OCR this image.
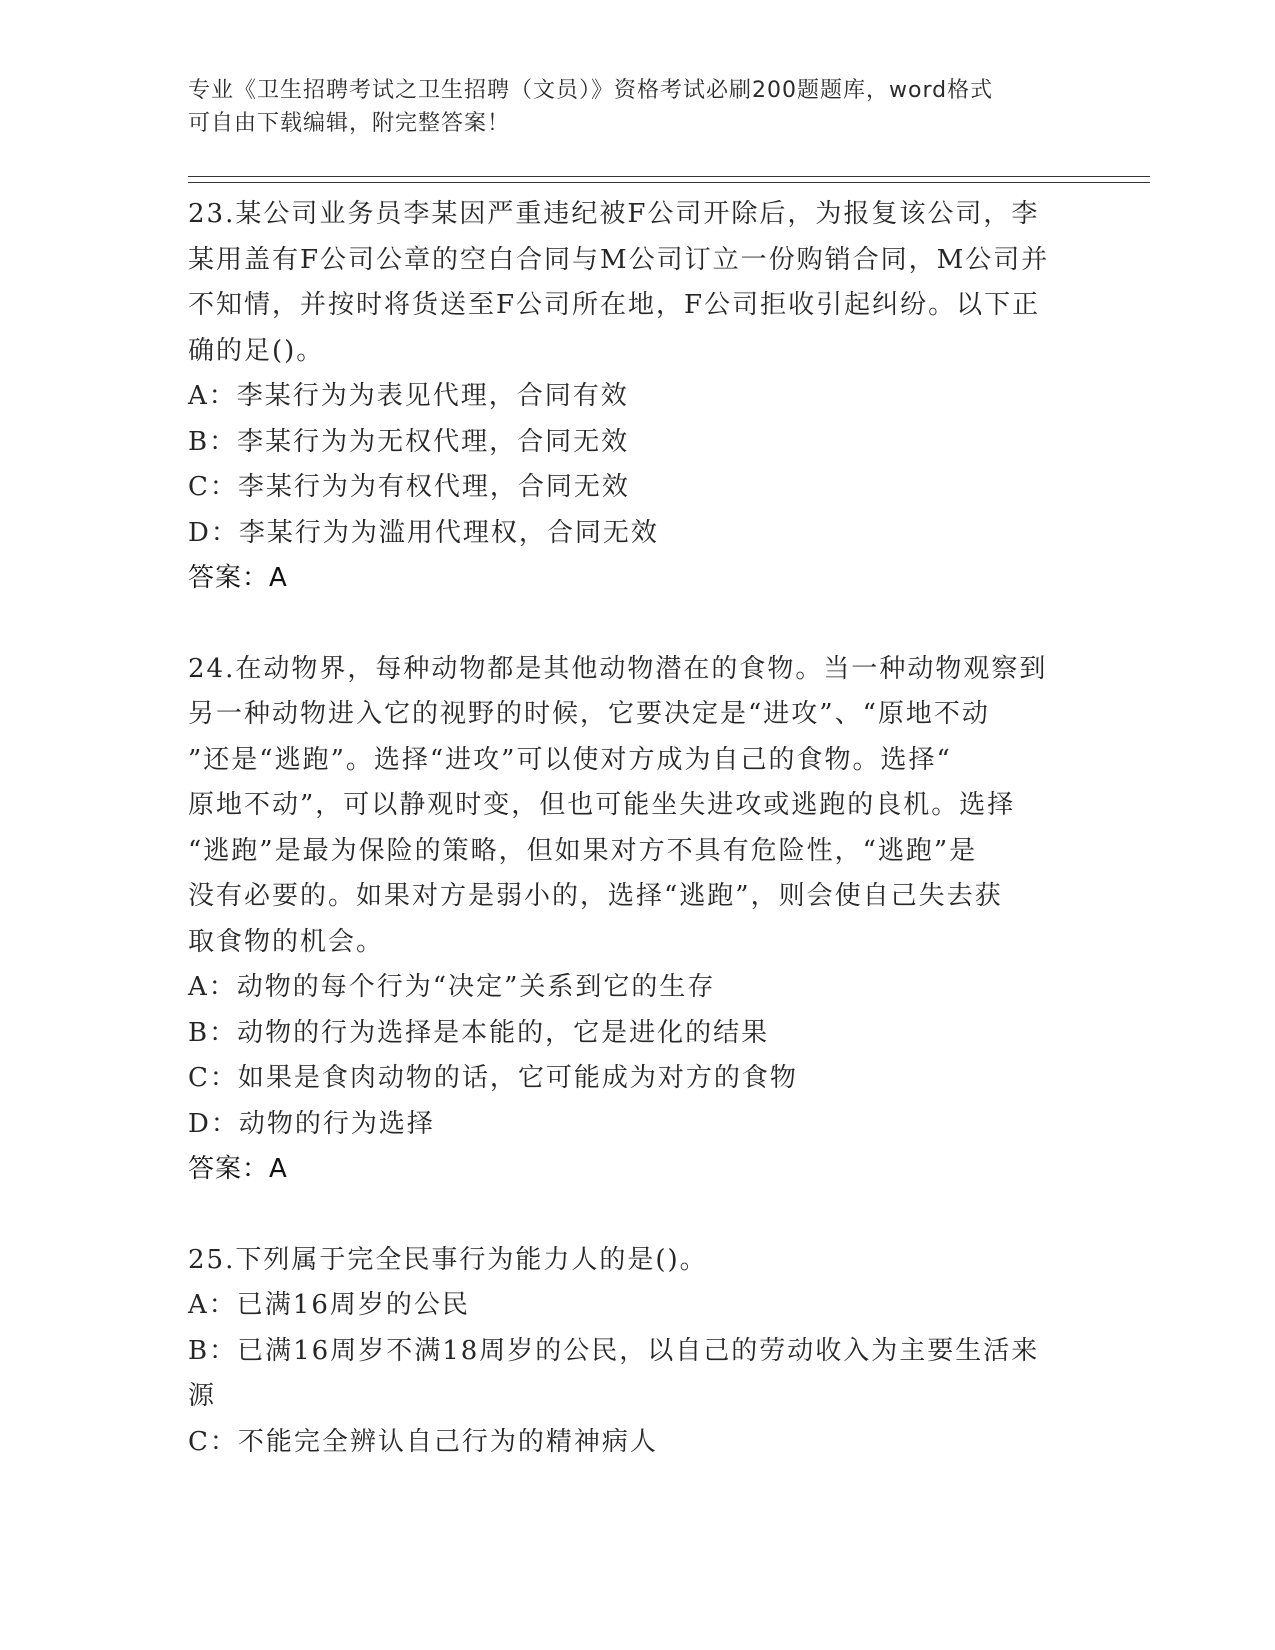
专业《卫生招聘考试之卫生招聘（文员）》资格考试必刷200题题库，word格式
可自由下载编辑，附完整答案！
23.某公司业务员李某因严重违纪被F公司开除后，为报复该公司，李
某用盖有F公司公章的空白合同与M公司订立一份购销合同，M公司并
不知情，并按时将货送至F公司所在地，F公司拒收引起纠纷。以下正
确的足()。
A：李某行为为表见代理，合同有效
B：李某行为为无权代理，合同无效
C：李某行为为有权代理，合同无效
D：李某行为为滥用代理权，合同无效
答案：A
24.在动物界，每种动物都是其他动物潜在的食物。当一种动物观察到
另一种动物进入它的视野的时候，它要决定是“进攻”、“原地不动
”还是“逃跑”。选择“进攻”可以使对方成为自己的食物。选择“
原地不动”，可以静观时变，但也可能坐失进攻或逃跑的良机。选择
“逃跑”是最为保险的策略，但如果对方不具有危险性，“逃跑”是
没有必要的。如果对方是弱小的，选择“逃跑”，则会使自己失去获
取食物的机会。
A：动物的每个行为“决定”关系到它的生存
B：动物的行为选择是本能的，它是进化的结果
C：如果是食肉动物的话，它可能成为对方的食物
D：动物的行为选择
答案：A
25.下列属于完全民事行为能力人的是()。
A：已满16周岁的公民
B：已满16周岁不满18周岁的公民，以自己的劳动收入为主要生活来
源
C：不能完全辨认自己行为的精神病人
